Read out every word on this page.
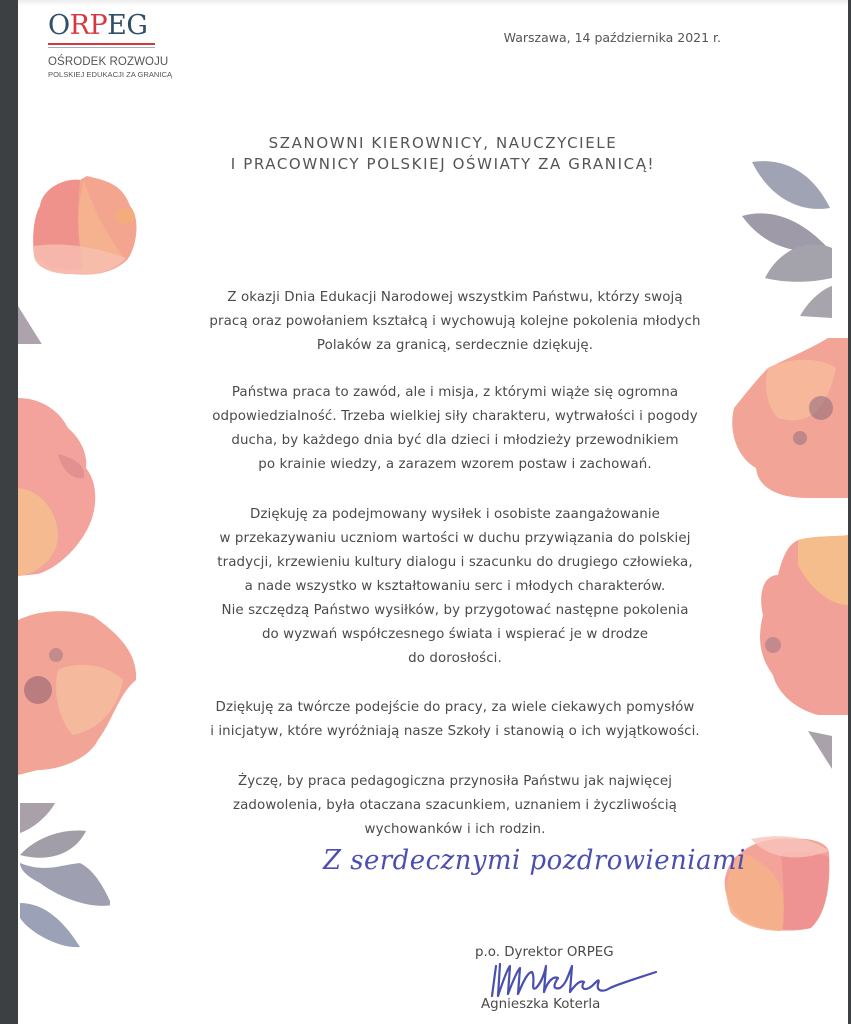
ORPEG
OŚRODEK ROZWOJU
POLSKIEJ EDUKACJI ZA GRANICĄ
Warszawa, 14 października 2021 r.
SZANOWNI KIEROWNICY, NAUCZYCIELE
I PRACOWNICY POLSKIEJ OŚWIATY ZA GRANICĄ!
Z okazji Dnia Edukacji Narodowej wszystkim Państwu, którzy swoją
pracą oraz powołaniem kształcą i wychowują kolejne pokolenia młodych
Polaków za granicą, serdecznie dziękuję.
Państwa praca to zawód, ale i misja, z którymi wiąże się ogromna
odpowiedzialność. Trzeba wielkiej siły charakteru, wytrwałości i pogody
ducha, by każdego dnia być dla dzieci i młodzieży przewodnikiem
po krainie wiedzy, a zarazem wzorem postaw i zachowań.
Dziękuję za podejmowany wysiłek i osobiste zaangażowanie
w przekazywaniu uczniom wartości w duchu przywiązania do polskiej
tradycji, krzewieniu kultury dialogu i szacunku do drugiego człowieka,
a nade wszystko w kształtowaniu serc i młodych charakterów.
Nie szczędzą Państwo wysiłków, by przygotować następne pokolenia
do wyzwań współczesnego świata i wspierać je w drodze
do dorosłości.
Dziękuję za twórcze podejście do pracy, za wiele ciekawych pomysłów
i inicjatyw, które wyróżniają nasze Szkoły i stanowią o ich wyjątkowości.
Życzę, by praca pedagogiczna przynosiła Państwu jak najwięcej
zadowolenia, była otaczana szacunkiem, uznaniem i życzliwością
wychowanków i ich rodzin.
Z serdecznymi pozdrowieniami
p.o. Dyrektor ORPEG
Agnieszka Koterla
